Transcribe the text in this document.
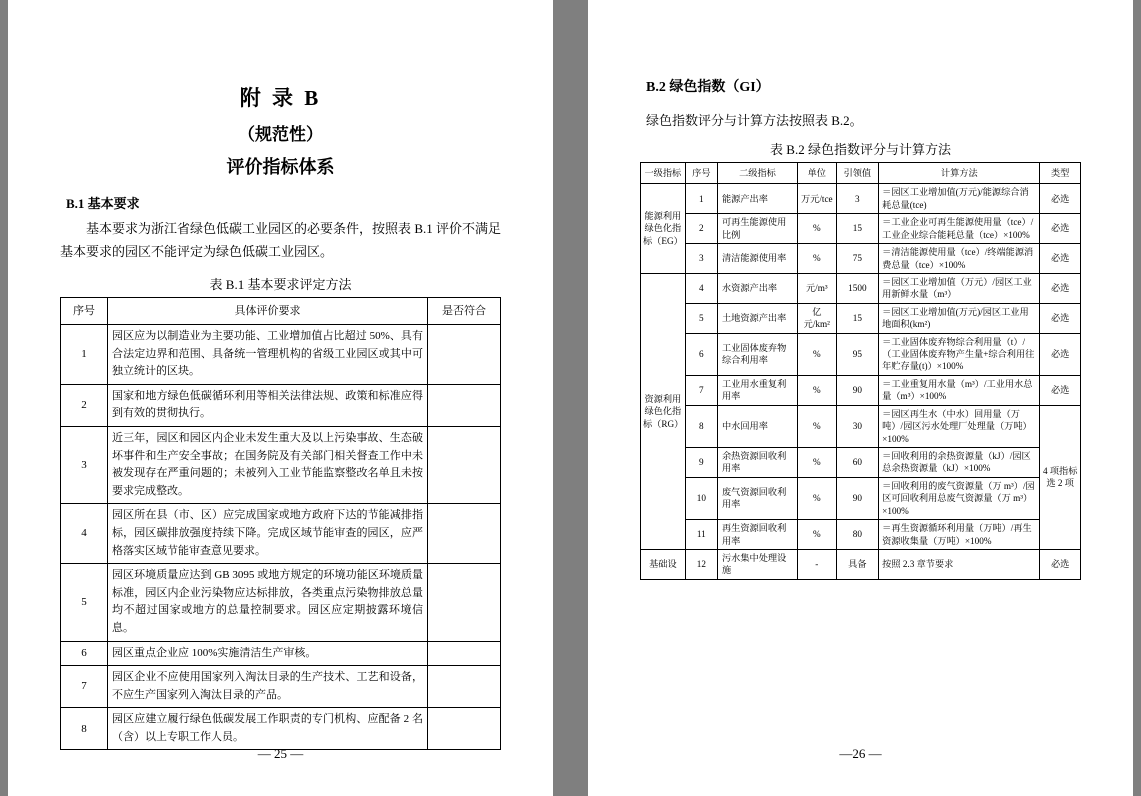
附 录 B
（规范性）
评价指标体系
B.1 基本要求
基本要求为浙江省绿色低碳工业园区的必要条件，按照表 B.1 评价不满足基本要求的园区不能评定为绿色低碳工业园区。
表 B.1 基本要求评定方法
序号	具体评价要求	是否符合
1	园区应为以制造业为主要功能、工业增加值占比超过 50%、具有合法定边界和范围、具备统一管理机构的省级工业园区或其中可独立统计的区块。	
2	国家和地方绿色低碳循环利用等相关法律法规、政策和标准应得到有效的贯彻执行。	
3	近三年，园区和园区内企业未发生重大及以上污染事故、生态破坏事件和生产安全事故；在国务院及有关部门相关督查工作中未被发现存在严重问题的；未被列入工业节能监察整改名单且未按要求完成整改。	
4	园区所在县（市、区）应完成国家或地方政府下达的节能减排指标，园区碳排放强度持续下降。完成区域节能审查的园区，应严格落实区域节能审查意见要求。	
5	园区环境质量应达到 GB 3095 或地方规定的环境功能区环境质量标准，园区内企业污染物应达标排放，各类重点污染物排放总量均不超过国家或地方的总量控制要求。园区应定期披露环境信息。	
6	园区重点企业应 100%实施清洁生产审核。	
7	园区企业不应使用国家列入淘汰目录的生产技术、工艺和设备，不应生产国家列入淘汰目录的产品。	
8	园区应建立履行绿色低碳发展工作职责的专门机构、应配备 2 名（含）以上专职工作人员。	
— 25 —
B.2 绿色指数（GI）
绿色指数评分与计算方法按照表 B.2。
表 B.2 绿色指数评分与计算方法
一级指标	序号	二级指标	单位	引领值	计算方法	类型
能源利用绿色化指标（EG）	1	能源产出率	万元/tce	3	＝园区工业增加值(万元)/能源综合消耗总量(tce)	必选
	2	可再生能源使用比例	%	15	＝工业企业可再生能源使用量（tce）/工业企业综合能耗总量（tce）×100%	必选
	3	清洁能源使用率	%	75	＝清洁能源使用量（tce）/终端能源消费总量（tce）×100%	必选
资源利用绿色化指标（RG）	4	水资源产出率	元/m³	1500	＝园区工业增加值（万元）/园区工业用新鲜水量（m³）	必选
	5	土地资源产出率	亿元/km²	15	＝园区工业增加值(万元)/园区工业用地面积(km²)	必选
	6	工业固体废弃物综合利用率	%	95	＝工业固体废弃物综合利用量（t）/（工业固体废弃物产生量+综合利用往年贮存量(t)）×100%	必选
	7	工业用水重复利用率	%	90	＝工业重复用水量（m³）/工业用水总量（m³）×100%	必选
	8	中水回用率	%	30	＝园区再生水（中水）回用量（万吨）/园区污水处理厂处理量（万吨）×100%	4 项指标选 2 项
	9	余热资源回收利用率	%	60	＝回收利用的余热资源量（kJ）/园区总余热资源量（kJ）×100%	
	10	废气资源回收利用率	%	90	＝回收利用的废气资源量（万 m³）/园区可回收利用总废气资源量（万 m³）×100%	
	11	再生资源回收利用率	%	80	＝再生资源循环利用量（万吨）/再生资源收集量（万吨）×100%	
基础设	12	污水集中处理设施	-	具备	按照 2.3 章节要求	必选
—26 —
